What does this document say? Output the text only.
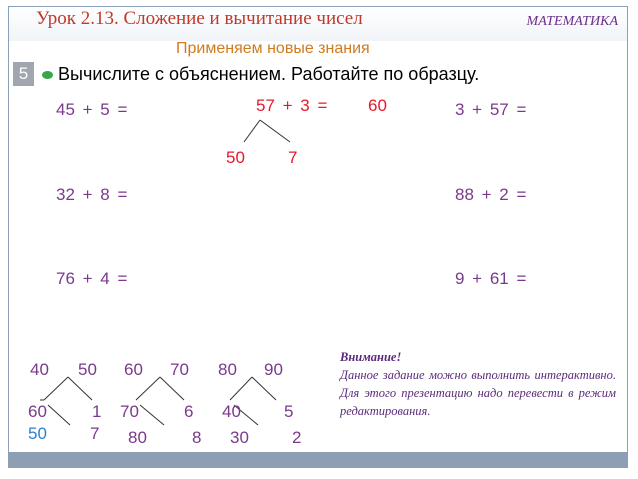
Урок 2.13. Сложение и вычитание чисел	МАТЕМАТИКА
Применяем новые знания
5	Вычислите с объяснением. Работайте по образцу.
57 + 3 = 60
50	7
45 + 5 =
32 + 8 =
76 + 4 =
3 + 57 =
88 + 2 =
9 + 61 =
40 50 60 70 80 90
60	1 70	6 40	5
50	7 80	8 30	2
Внимание!
Данное задание можно выполнить интерактивно. Для этого презентацию надо перевести в режим редактирования.
